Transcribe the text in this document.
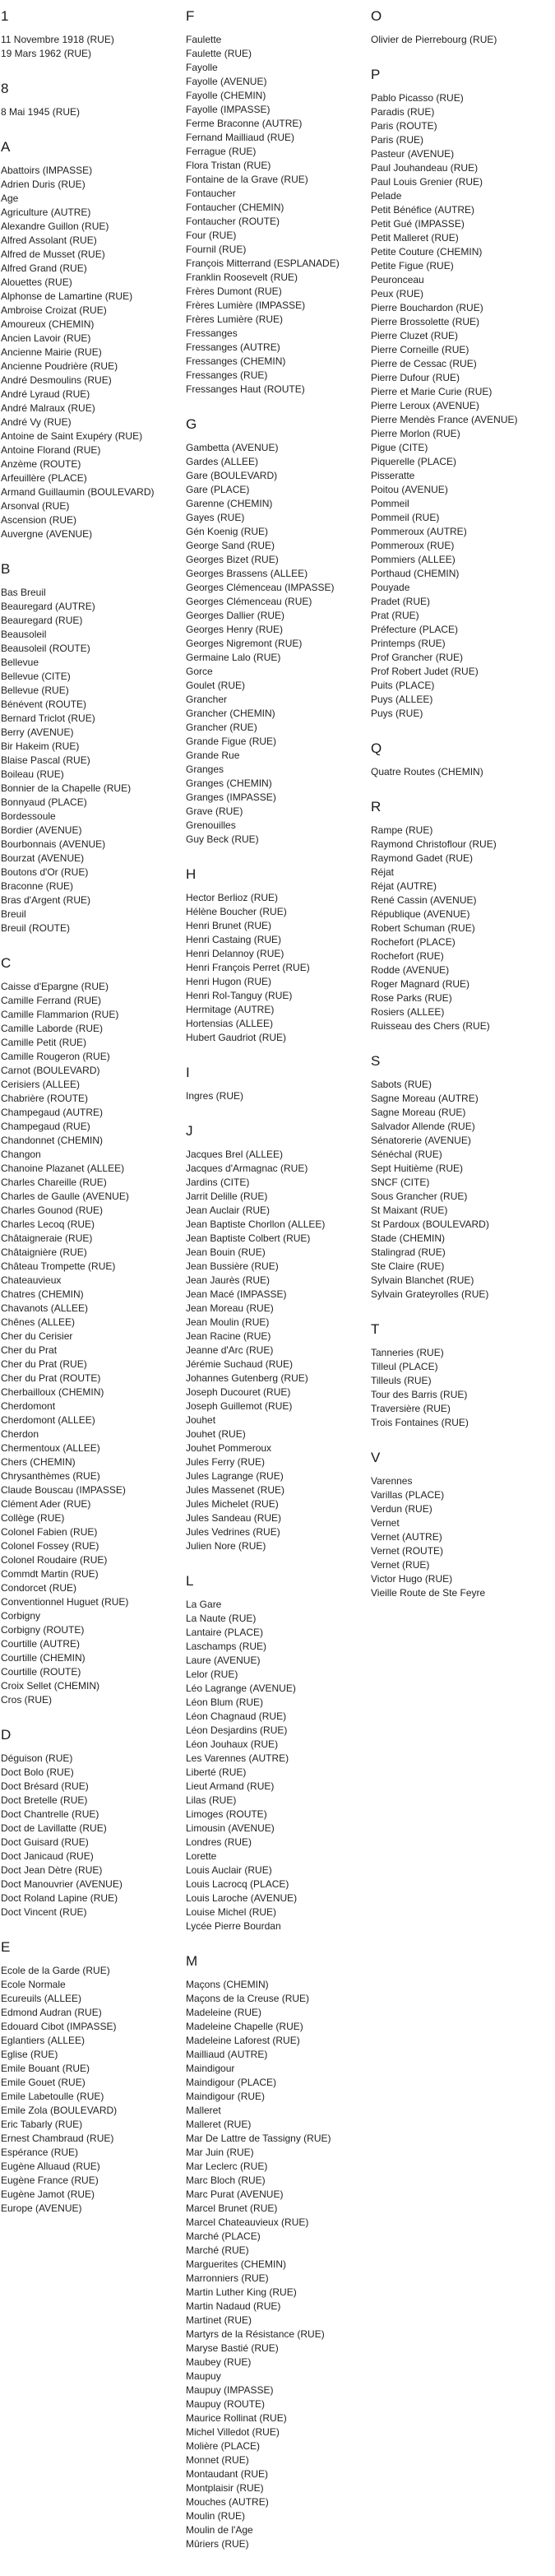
1
11 Novembre 1918 (RUE)
19 Mars 1962 (RUE)
8
8 Mai 1945 (RUE)
A
Abattoirs (IMPASSE)
Adrien Duris (RUE)
Age
Agriculture (AUTRE)
Alexandre Guillon (RUE)
Alfred Assolant (RUE)
Alfred de Musset (RUE)
Alfred Grand (RUE)
Alouettes (RUE)
Alphonse de Lamartine (RUE)
Ambroise Croizat (RUE)
Amoureux (CHEMIN)
Ancien Lavoir (RUE)
Ancienne Mairie (RUE)
Ancienne Poudrière (RUE)
André Desmoulins (RUE)
André Lyraud (RUE)
André Malraux (RUE)
André Vy (RUE)
Antoine de Saint Exupéry (RUE)
Antoine Florand (RUE)
Anzème (ROUTE)
Arfeuillère (PLACE)
Armand Guillaumin (BOULEVARD)
Arsonval (RUE)
Ascension (RUE)
Auvergne (AVENUE)
B
Bas Breuil
Beauregard (AUTRE)
Beauregard (RUE)
Beausoleil
Beausoleil (ROUTE)
Bellevue
Bellevue (CITE)
Bellevue (RUE)
Bénévent (ROUTE)
Bernard Triclot (RUE)
Berry (AVENUE)
Bir Hakeim (RUE)
Blaise Pascal (RUE)
Boileau (RUE)
Bonnier de la Chapelle (RUE)
Bonnyaud (PLACE)
Bordessoule
Bordier (AVENUE)
Bourbonnais (AVENUE)
Bourzat (AVENUE)
Boutons d'Or (RUE)
Braconne (RUE)
Bras d'Argent (RUE)
Breuil
Breuil (ROUTE)
C
Caisse d'Epargne (RUE)
Camille Ferrand (RUE)
Camille Flammarion (RUE)
Camille Laborde (RUE)
Camille Petit (RUE)
Camille Rougeron (RUE)
Carnot (BOULEVARD)
Cerisiers (ALLEE)
Chabrière (ROUTE)
Champegaud (AUTRE)
Champegaud (RUE)
Chandonnet (CHEMIN)
Changon
Chanoine Plazanet (ALLEE)
Charles Chareille (RUE)
Charles de Gaulle (AVENUE)
Charles Gounod (RUE)
Charles Lecoq (RUE)
Châtaigneraie (RUE)
Châtaignière (RUE)
Château Trompette (RUE)
Chateauvieux
Chatres (CHEMIN)
Chavanots (ALLEE)
Chênes (ALLEE)
Cher du Cerisier
Cher du Prat
Cher du Prat (RUE)
Cher du Prat (ROUTE)
Cherbailloux (CHEMIN)
Cherdomont
Cherdomont (ALLEE)
Cherdon
Chermentoux (ALLEE)
Chers (CHEMIN)
Chrysanthèmes (RUE)
Claude Bouscau (IMPASSE)
Clément Ader (RUE)
Collège (RUE)
Colonel Fabien (RUE)
Colonel Fossey (RUE)
Colonel Roudaire (RUE)
Commdt Martin (RUE)
Condorcet (RUE)
Conventionnel Huguet (RUE)
Corbigny
Corbigny (ROUTE)
Courtille (AUTRE)
Courtille (CHEMIN)
Courtille (ROUTE)
Croix Sellet (CHEMIN)
Cros (RUE)
D
Déguison (RUE)
Doct Bolo (RUE)
Doct Brésard (RUE)
Doct Bretelle (RUE)
Doct Chantrelle (RUE)
Doct de Lavillatte (RUE)
Doct Guisard (RUE)
Doct Janicaud (RUE)
Doct Jean Dètre (RUE)
Doct Manouvrier (AVENUE)
Doct Roland Lapine (RUE)
Doct Vincent (RUE)
E
Ecole de la Garde (RUE)
Ecole Normale
Ecureuils (ALLEE)
Edmond Audran (RUE)
Edouard Cibot (IMPASSE)
Eglantiers (ALLEE)
Eglise (RUE)
Emile Bouant (RUE)
Emile Gouet (RUE)
Emile Labetoulle (RUE)
Emile Zola (BOULEVARD)
Eric Tabarly (RUE)
Ernest Chambraud (RUE)
Espérance (RUE)
Eugène Alluaud (RUE)
Eugène France (RUE)
Eugène Jamot (RUE)
Europe (AVENUE)
F
Faulette
Faulette (RUE)
Fayolle
Fayolle (AVENUE)
Fayolle (CHEMIN)
Fayolle (IMPASSE)
Ferme Braconne (AUTRE)
Fernand Mailliaud (RUE)
Ferrague (RUE)
Flora Tristan (RUE)
Fontaine de la Grave (RUE)
Fontaucher
Fontaucher (CHEMIN)
Fontaucher (ROUTE)
Four (RUE)
Fournil (RUE)
François Mitterrand (ESPLANADE)
Franklin Roosevelt (RUE)
Frères Dumont (RUE)
Frères Lumière (IMPASSE)
Frères Lumière (RUE)
Fressanges
Fressanges (AUTRE)
Fressanges (CHEMIN)
Fressanges (RUE)
Fressanges Haut (ROUTE)
G
Gambetta (AVENUE)
Gardes (ALLEE)
Gare (BOULEVARD)
Gare (PLACE)
Garenne (CHEMIN)
Gayes (RUE)
Gén Koenig (RUE)
George Sand (RUE)
Georges Bizet (RUE)
Georges Brassens (ALLEE)
Georges Clémenceau (IMPASSE)
Georges Clémenceau (RUE)
Georges Dallier (RUE)
Georges Henry (RUE)
Georges Nigremont (RUE)
Germaine Lalo (RUE)
Gorce
Goulet (RUE)
Grancher
Grancher (CHEMIN)
Grancher (RUE)
Grande Figue (RUE)
Grande Rue
Granges
Granges (CHEMIN)
Granges (IMPASSE)
Grave (RUE)
Grenouilles
Guy Beck (RUE)
H
Hector Berlioz (RUE)
Hélène Boucher (RUE)
Henri Brunet (RUE)
Henri Castaing (RUE)
Henri Delannoy (RUE)
Henri François Perret (RUE)
Henri Hugon (RUE)
Henri Rol-Tanguy (RUE)
Hermitage (AUTRE)
Hortensias (ALLEE)
Hubert Gaudriot (RUE)
I
Ingres (RUE)
J
Jacques Brel (ALLEE)
Jacques d'Armagnac (RUE)
Jardins (CITE)
Jarrit Delille (RUE)
Jean Auclair (RUE)
Jean Baptiste Chorllon (ALLEE)
Jean Baptiste Colbert (RUE)
Jean Bouin (RUE)
Jean Bussière (RUE)
Jean Jaurès (RUE)
Jean Macé (IMPASSE)
Jean Moreau (RUE)
Jean Moulin (RUE)
Jean Racine (RUE)
Jeanne d'Arc (RUE)
Jérémie Suchaud (RUE)
Johannes Gutenberg (RUE)
Joseph Ducouret (RUE)
Joseph Guillemot (RUE)
Jouhet
Jouhet (RUE)
Jouhet Pommeroux
Jules Ferry (RUE)
Jules Lagrange (RUE)
Jules Massenet (RUE)
Jules Michelet (RUE)
Jules Sandeau (RUE)
Jules Vedrines (RUE)
Julien Nore (RUE)
L
La Gare
La Naute (RUE)
Lantaire (PLACE)
Laschamps (RUE)
Laure (AVENUE)
Lelor (RUE)
Léo Lagrange (AVENUE)
Léon Blum (RUE)
Léon Chagnaud (RUE)
Léon Desjardins (RUE)
Léon Jouhaux (RUE)
Les Varennes (AUTRE)
Liberté (RUE)
Lieut Armand (RUE)
Lilas (RUE)
Limoges (ROUTE)
Limousin (AVENUE)
Londres (RUE)
Lorette
Louis Auclair (RUE)
Louis Lacrocq (PLACE)
Louis Laroche (AVENUE)
Louise Michel (RUE)
Lycée Pierre Bourdan
M
Maçons (CHEMIN)
Maçons de la Creuse (RUE)
Madeleine (RUE)
Madeleine Chapelle (RUE)
Madeleine Laforest (RUE)
Mailliaud (AUTRE)
Maindigour
Maindigour (PLACE)
Maindigour (RUE)
Malleret
Malleret (RUE)
Mar De Lattre de Tassigny (RUE)
Mar Juin (RUE)
Mar Leclerc (RUE)
Marc Bloch (RUE)
Marc Purat (AVENUE)
Marcel Brunet (RUE)
Marcel Chateauvieux (RUE)
Marché (PLACE)
Marché (RUE)
Marguerites (CHEMIN)
Marronniers (RUE)
Martin Luther King (RUE)
Martin Nadaud (RUE)
Martinet (RUE)
Martyrs de la Résistance (RUE)
Maryse Bastié (RUE)
Maubey (RUE)
Maupuy
Maupuy (IMPASSE)
Maupuy (ROUTE)
Maurice Rollinat (RUE)
Michel Villedot (RUE)
Molière (PLACE)
Monnet (RUE)
Montaudant (RUE)
Montplaisir (RUE)
Mouches (AUTRE)
Moulin (RUE)
Moulin de l'Age
Mûriers (RUE)
O
Olivier de Pierrebourg (RUE)
P
Pablo Picasso (RUE)
Paradis (RUE)
Paris (ROUTE)
Paris (RUE)
Pasteur (AVENUE)
Paul Jouhandeau (RUE)
Paul Louis Grenier (RUE)
Pelade
Petit Bénéfice (AUTRE)
Petit Gué (IMPASSE)
Petit Malleret (RUE)
Petite Couture (CHEMIN)
Petite Figue (RUE)
Peuronceau
Peux (RUE)
Pierre Bouchardon (RUE)
Pierre Brossolette (RUE)
Pierre Cluzet (RUE)
Pierre Corneille (RUE)
Pierre de Cessac (RUE)
Pierre Dufour (RUE)
Pierre et Marie Curie (RUE)
Pierre Leroux (AVENUE)
Pierre Mendès France (AVENUE)
Pierre Morlon (RUE)
Pigue (CITE)
Piquerelle (PLACE)
Pisseratte
Poitou (AVENUE)
Pommeil
Pommeil (RUE)
Pommeroux (AUTRE)
Pommeroux (RUE)
Pommiers (ALLEE)
Porthaud (CHEMIN)
Pouyade
Pradet (RUE)
Prat (RUE)
Préfecture (PLACE)
Printemps (RUE)
Prof Grancher (RUE)
Prof Robert Judet (RUE)
Puits (PLACE)
Puys (ALLEE)
Puys (RUE)
Q
Quatre Routes (CHEMIN)
R
Rampe (RUE)
Raymond Christoflour (RUE)
Raymond Gadet (RUE)
Réjat
Réjat (AUTRE)
René Cassin (AVENUE)
République (AVENUE)
Robert Schuman (RUE)
Rochefort (PLACE)
Rochefort (RUE)
Rodde (AVENUE)
Roger Magnard (RUE)
Rose Parks (RUE)
Rosiers (ALLEE)
Ruisseau des Chers (RUE)
S
Sabots (RUE)
Sagne Moreau (AUTRE)
Sagne Moreau (RUE)
Salvador Allende (RUE)
Sénatorerie (AVENUE)
Sénéchal (RUE)
Sept Huitième (RUE)
SNCF (CITE)
Sous Grancher (RUE)
St Maixant (RUE)
St Pardoux (BOULEVARD)
Stade (CHEMIN)
Stalingrad (RUE)
Ste Claire (RUE)
Sylvain Blanchet (RUE)
Sylvain Grateyrolles (RUE)
T
Tanneries (RUE)
Tilleul (PLACE)
Tilleuls (RUE)
Tour des Barris (RUE)
Traversière (RUE)
Trois Fontaines (RUE)
V
Varennes
Varillas (PLACE)
Verdun (RUE)
Vernet
Vernet (AUTRE)
Vernet (ROUTE)
Vernet (RUE)
Victor Hugo (RUE)
Vieille Route de Ste Feyre
